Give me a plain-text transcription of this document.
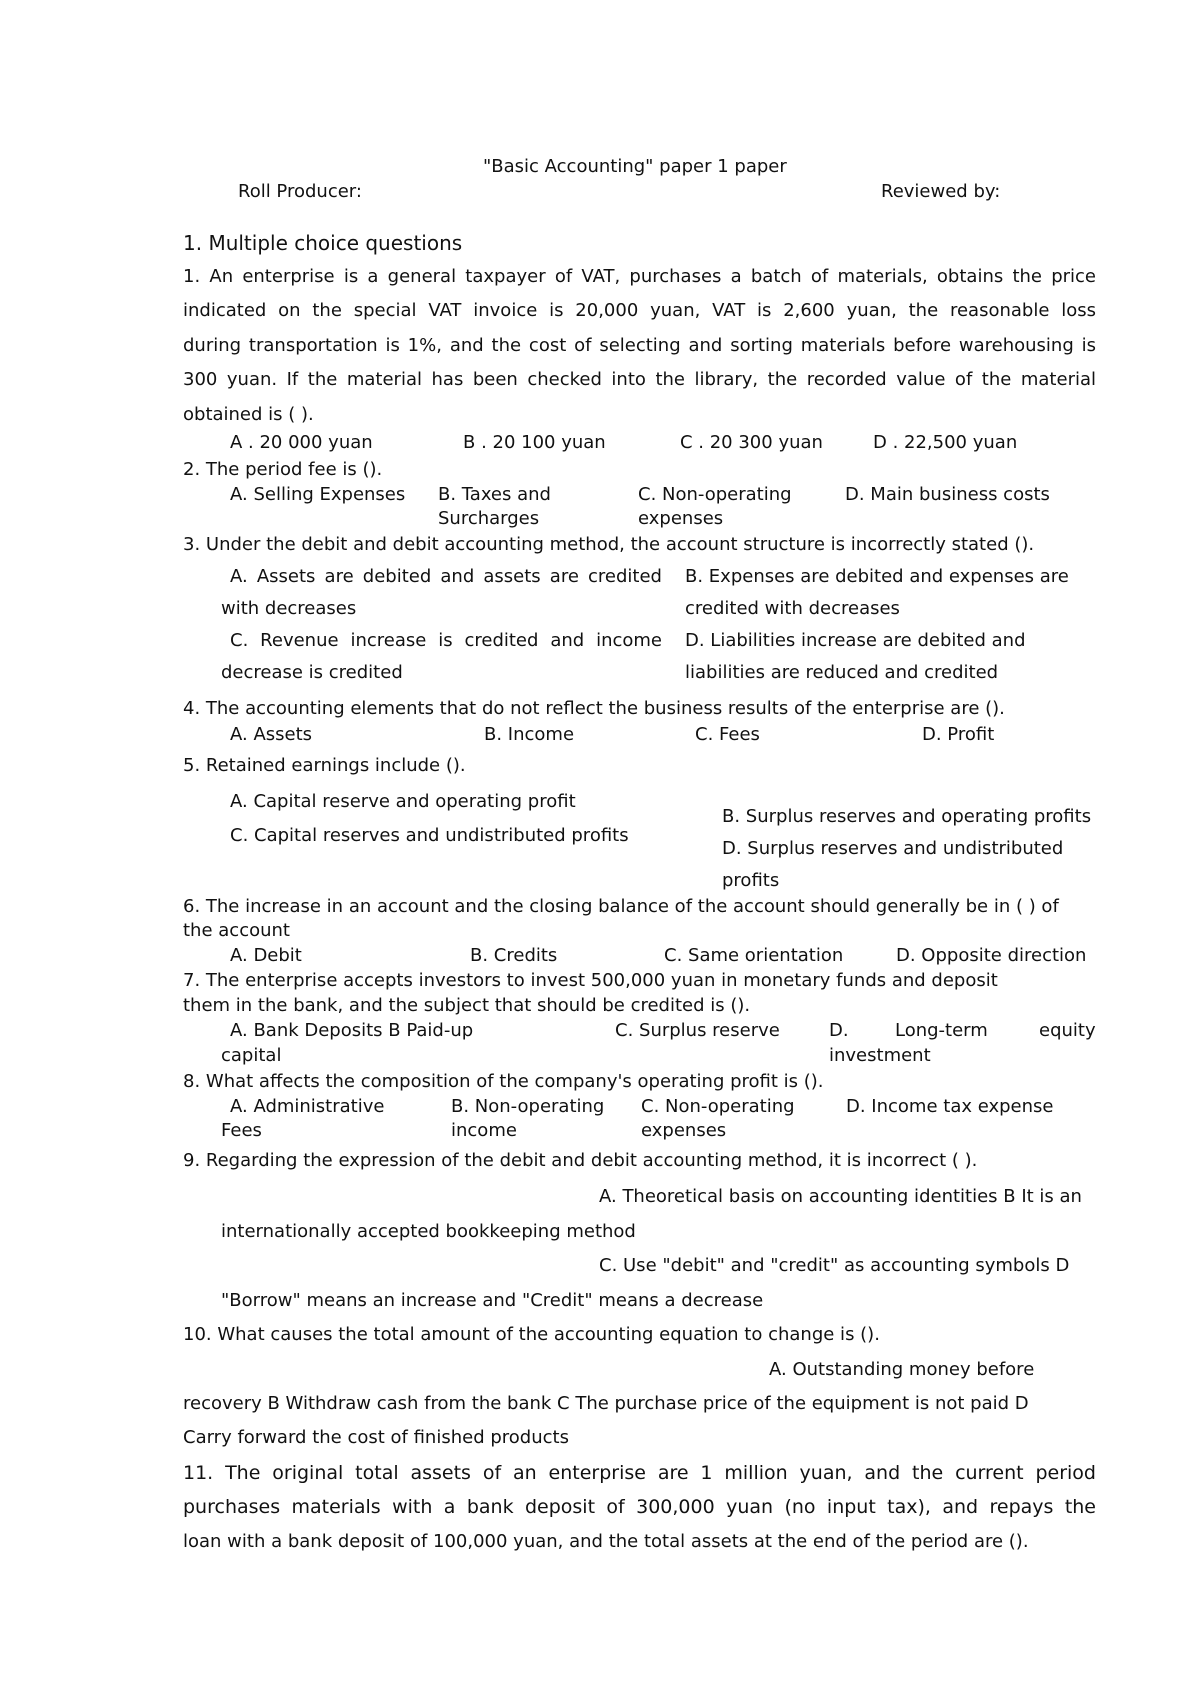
"Basic Accounting" paper 1 paper
Roll Producer:	Reviewed by:
1. Multiple choice questions
1. An enterprise is a general taxpayer of VAT, purchases a batch of materials, obtains the price
indicated on the special VAT invoice is 20,000 yuan, VAT is 2,600 yuan, the reasonable loss
during transportation is 1%, and the cost of selecting and sorting materials before warehousing is
300 yuan. If the material has been checked into the library, the recorded value of the material
obtained is ( ).
A . 20 000 yuan	B . 20 100 yuan	C . 20 300 yuan	D . 22,500 yuan
2. The period fee is ().
A. Selling Expenses B. Taxes and
Surcharges
C. Non-operating
expenses
D. Main business costs
3. Under the debit and debit accounting method, the account structure is incorrectly stated ().
A. Assets are debited and assets are credited
with decreases
B. Expenses are debited and expenses are
credited with decreases
C. Revenue increase is credited and income
decrease is credited
D. Liabilities increase are debited and
liabilities are reduced and credited
4. The accounting elements that do not reflect the business results of the enterprise are ().
A. Assets	B. Income	C. Fees	D. Profit
5. Retained earnings include ().
A. Capital reserve and operating profit
C. Capital reserves and undistributed profits
B. Surplus reserves and operating profits
D. Surplus reserves and undistributed
profits
6. The increase in an account and the closing balance of the account should generally be in ( ) of
the account
A. Debit	B. Credits	C. Same orientation	D. Opposite direction
7. The enterprise accepts investors to invest 500,000 yuan in monetary funds and deposit
them in the bank, and the subject that should be credited is ().
A. Bank Deposits B Paid-up
capital
C. Surplus reserve	D.	Long-term	equity
investment
8. What affects the composition of the company's operating profit is ().
A. Administrative
Fees
B. Non-operating
income
C. Non-operating
expenses
D. Income tax expense
9. Regarding the expression of the debit and debit accounting method, it is incorrect ( ).
A. Theoretical basis on accounting identities B It is an
internationally accepted bookkeeping method
C. Use "debit" and "credit" as accounting symbols D
"Borrow" means an increase and "Credit" means a decrease
10. What causes the total amount of the accounting equation to change is ().
A. Outstanding money before
recovery B Withdraw cash from the bank C The purchase price of the equipment is not paid D
Carry forward the cost of finished products
11. The original total assets of an enterprise are 1 million yuan, and the current period
purchases materials with a bank deposit of 300,000 yuan (no input tax), and repays the
loan with a bank deposit of 100,000 yuan, and the total assets at the end of the period are ().
